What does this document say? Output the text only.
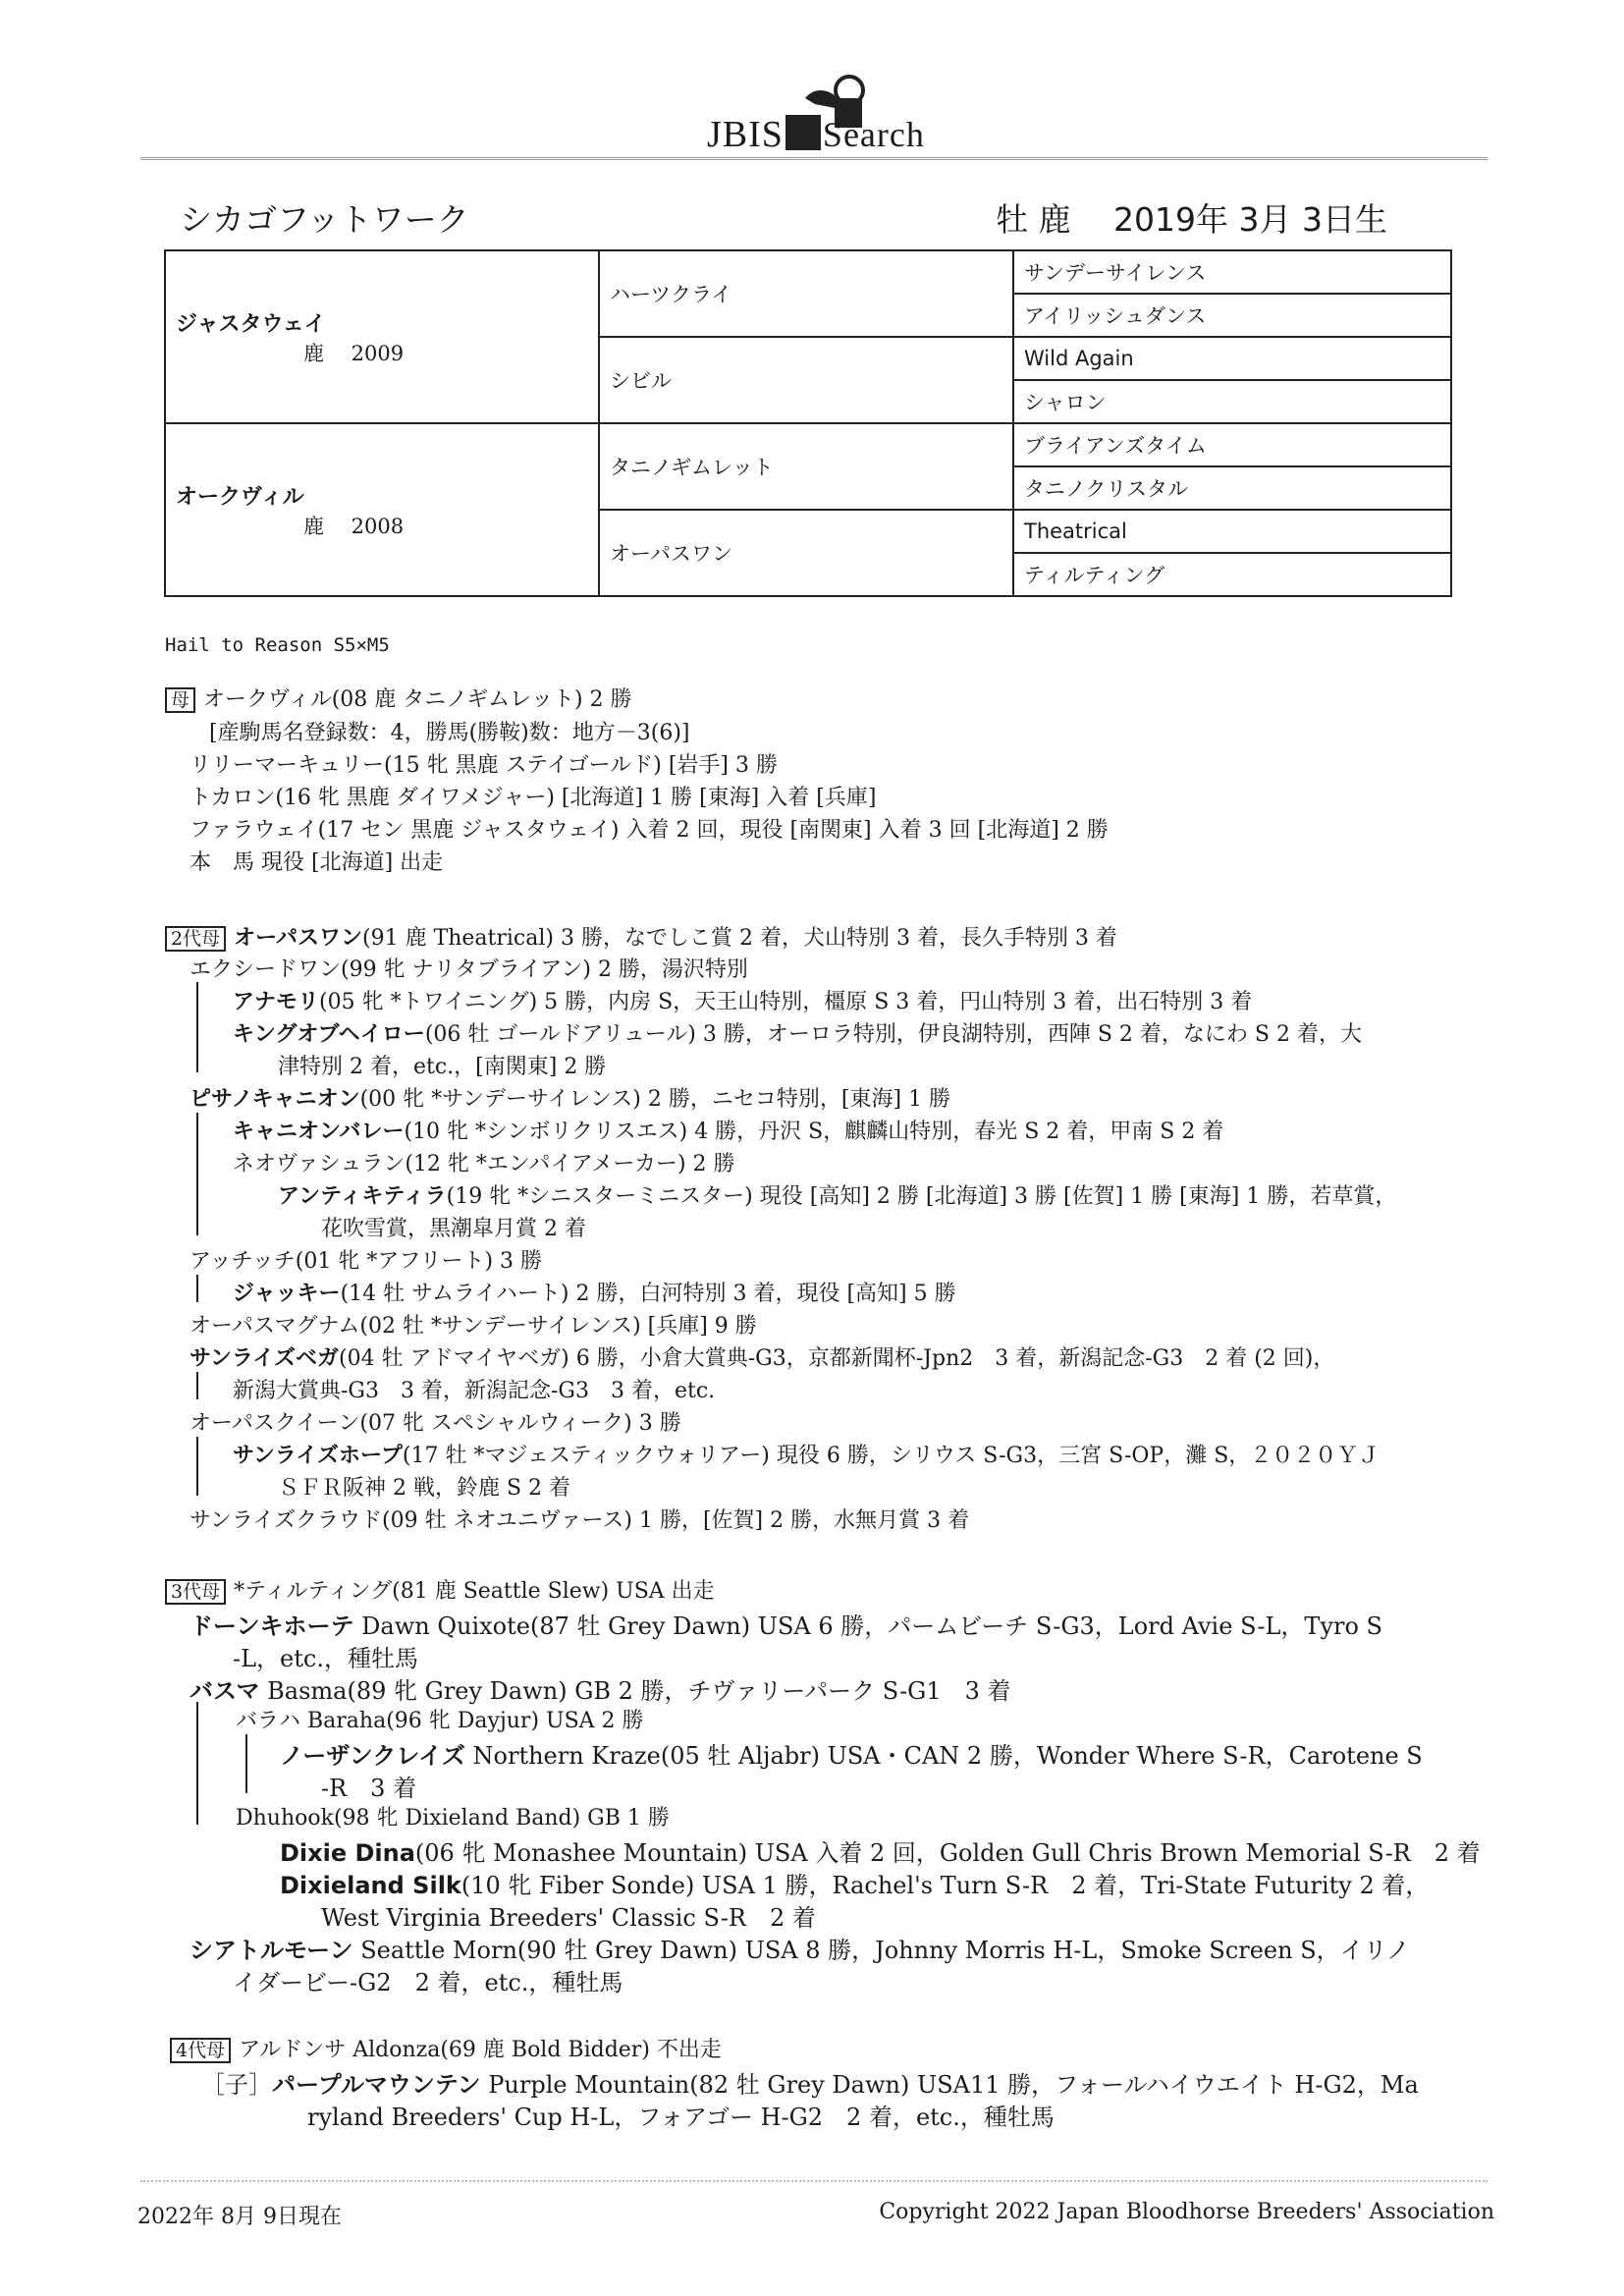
JBIS Search
シカゴフットワーク	牡 鹿　 2019年 3月 3日生
ジャスタウェイ
鹿　 2009	ハーツクライ	サンデーサイレンス
		アイリッシュダンス
	シビル	Wild Again
		シャロン

オークヴィル
鹿　 2008	タニノギムレット	ブライアンズタイム
		タニノクリスタル
	オーパスワン	Theatrical
		ティルティング
Hail to Reason S5×M5
母 オークヴィル(08 鹿 タニノギムレット) 2 勝
[産駒馬名登録数：4，勝馬(勝鞍)数：地方－3(6)]
リリーマーキュリー(15 牝 黒鹿 ステイゴールド) [岩手] 3 勝
トカロン(16 牝 黒鹿 ダイワメジャー) [北海道] 1 勝 [東海] 入着 [兵庫]
ファラウェイ(17 セン 黒鹿 ジャスタウェイ) 入着 2 回，現役 [南関東] 入着 3 回 [北海道] 2 勝
本　馬 現役 [北海道] 出走
2代母 オーパスワン(91 鹿 Theatrical) 3 勝，なでしこ賞 2 着，犬山特別 3 着，長久手特別 3 着
エクシードワン(99 牝 ナリタブライアン) 2 勝，湯沢特別
アナモリ(05 牝 *トワイニング) 5 勝，内房 S，天王山特別，橿原 S 3 着，円山特別 3 着，出石特別 3 着
キングオブヘイロー(06 牡 ゴールドアリュール) 3 勝，オーロラ特別，伊良湖特別，西陣 S 2 着，なにわ S 2 着，大
津特別 2 着，etc.，[南関東] 2 勝
ピサノキャニオン(00 牝 *サンデーサイレンス) 2 勝，ニセコ特別，[東海] 1 勝
キャニオンバレー(10 牝 *シンボリクリスエス) 4 勝，丹沢 S，麒麟山特別，春光 S 2 着，甲南 S 2 着
ネオヴァシュラン(12 牝 *エンパイアメーカー) 2 勝
アンティキティラ(19 牝 *シニスターミニスター) 現役 [高知] 2 勝 [北海道] 3 勝 [佐賀] 1 勝 [東海] 1 勝，若草賞，
花吹雪賞，黒潮皐月賞 2 着
アッチッチ(01 牝 *アフリート) 3 勝
ジャッキー(14 牡 サムライハート) 2 勝，白河特別 3 着，現役 [高知] 5 勝
オーパスマグナム(02 牡 *サンデーサイレンス) [兵庫] 9 勝
サンライズベガ(04 牡 アドマイヤベガ) 6 勝，小倉大賞典-G3，京都新聞杯-Jpn2　3 着，新潟記念-G3　2 着 (2 回)，
新潟大賞典-G3　3 着，新潟記念-G3　3 着，etc.
オーパスクイーン(07 牝 スペシャルウィーク) 3 勝
サンライズホープ(17 牡 *マジェスティックウォリアー) 現役 6 勝，シリウス S-G3，三宮 S-OP，灘 S，２０２０ＹＪ
ＳＦＲ阪神 2 戦，鈴鹿 S 2 着
サンライズクラウド(09 牡 ネオユニヴァース) 1 勝，[佐賀] 2 勝，水無月賞 3 着
3代母 *ティルティング(81 鹿 Seattle Slew) USA 出走
ドーンキホーテ Dawn Quixote(87 牡 Grey Dawn) USA 6 勝，パームビーチ S-G3，Lord Avie S-L，Tyro S
-L，etc.，種牡馬
バスマ Basma(89 牝 Grey Dawn) GB 2 勝，チヴァリーパーク S-G1　3 着
バラハ Baraha(96 牝 Dayjur) USA 2 勝
ノーザンクレイズ Northern Kraze(05 牡 Aljabr) USA・CAN 2 勝，Wonder Where S-R，Carotene S
-R　3 着
Dhuhook(98 牝 Dixieland Band) GB 1 勝
Dixie Dina(06 牝 Monashee Mountain) USA 入着 2 回，Golden Gull Chris Brown Memorial S-R　2 着
Dixieland Silk(10 牝 Fiber Sonde) USA 1 勝，Rachel's Turn S-R　2 着，Tri-State Futurity 2 着，
West Virginia Breeders' Classic S-R　2 着
シアトルモーン Seattle Morn(90 牡 Grey Dawn) USA 8 勝，Johnny Morris H-L，Smoke Screen S，イリノ
イダービー-G2　2 着，etc.，種牡馬
4代母 アルドンサ Aldonza(69 鹿 Bold Bidder) 不出走
［子］パープルマウンテン Purple Mountain(82 牡 Grey Dawn) USA11 勝，フォールハイウエイト H-G2，Ma
ryland Breeders' Cup H-L，フォアゴー H-G2　2 着，etc.，種牡馬
2022年 8月 9日現在	Copyright 2022 Japan Bloodhorse Breeders' Association
